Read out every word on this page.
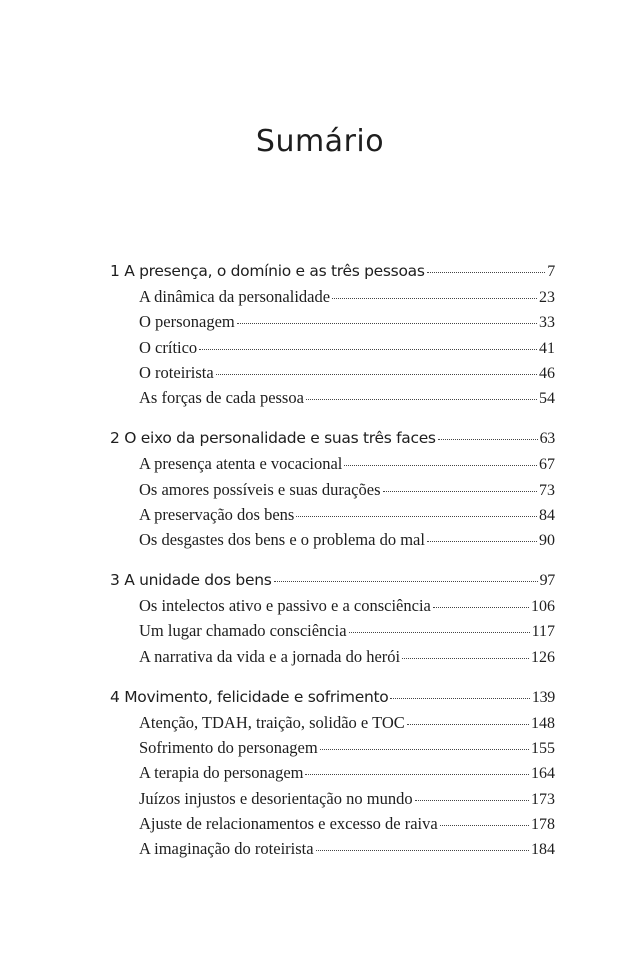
Sumário
1 A presença, o domínio e as três pessoas	7
A dinâmica da personalidade	23
O personagem	33
O crítico	41
O roteirista	46
As forças de cada pessoa	54
2 O eixo da personalidade e suas três faces	63
A presença atenta e vocacional	67
Os amores possíveis e suas durações	73
A preservação dos bens	84
Os desgastes dos bens e o problema do mal	90
3 A unidade dos bens	97
Os intelectos ativo e passivo e a consciência	106
Um lugar chamado consciência	117
A narrativa da vida e a jornada do herói	126
4 Movimento, felicidade e sofrimento	139
Atenção, TDAH, traição, solidão e TOC	148
Sofrimento do personagem	155
A terapia do personagem	164
Juízos injustos e desorientação no mundo	173
Ajuste de relacionamentos e excesso de raiva	178
A imaginação do roteirista	184
